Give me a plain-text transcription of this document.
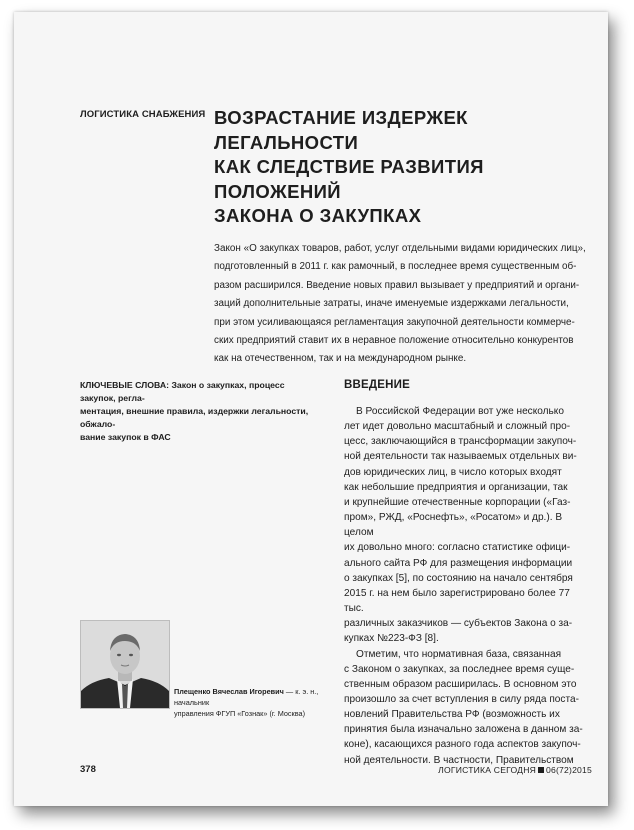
ЛОГИСТИКА СНАБЖЕНИЯ ВОЗРАСТАНИЕ ИЗДЕРЖЕК ЛЕГАЛЬНОСТИ
КАК СЛЕДСТВИЕ РАЗВИТИЯ ПОЛОЖЕНИЙ
ЗАКОНА О ЗАКУПКАХ

Закон «О закупках товаров, работ, услуг отдельными видами юридических лиц»,
подготовленный в 2011 г. как рамочный, в последнее время существенным об-
разом расширился. Введение новых правил вызывает у предприятий и органи-
заций дополнительные затраты, иначе именуемые издержками легальности,
при этом усиливающаяся регламентация закупочной деятельности коммерче-
ских предприятий ставит их в неравное положение относительно конкурентов
как на отечественном, так и на международном рынке.

КЛЮЧЕВЫЕ СЛОВА: Закон о закупках, процесс закупок, регла-
ментация, внешние правила, издержки легальности, обжало-
вание закупок в ФАС

ВВЕДЕНИЕ

В Российской Федерации вот уже несколько
лет идет довольно масштабный и сложный про-
цесс, заключающийся в трансформации закупоч-
ной деятельности так называемых отдельных ви-
дов юридических лиц, в число которых входят
как небольшие предприятия и организации, так
и крупнейшие отечественные корпорации («Газ-
пром», РЖД, «Роснефть», «Росатом» и др.). В целом
их довольно много: согласно статистике офици-
ального сайта РФ для размещения информации
о закупках [5], по состоянию на начало сентября
2015 г. на нем было зарегистрировано более 77 тыс.
различных заказчиков — субъектов Закона о за-
купках №223-ФЗ [8].

Отметим, что нормативная база, связанная
с Законом о закупках, за последнее время суще-
ственным образом расширилась. В основном это
произошло за счет вступления в силу ряда поста-
новлений Правительства РФ (возможность их
принятия была изначально заложена в данном за-
коне), касающихся разного года аспектов закупоч-
ной деятельности. В частности, Правительством

Плещенко Вячеслав Игоревич — к. э. н., начальник
управления ФГУП «Гознак» (г. Москва)

378	ЛОГИСТИКА СЕГОДНЯ 06(72)2015
